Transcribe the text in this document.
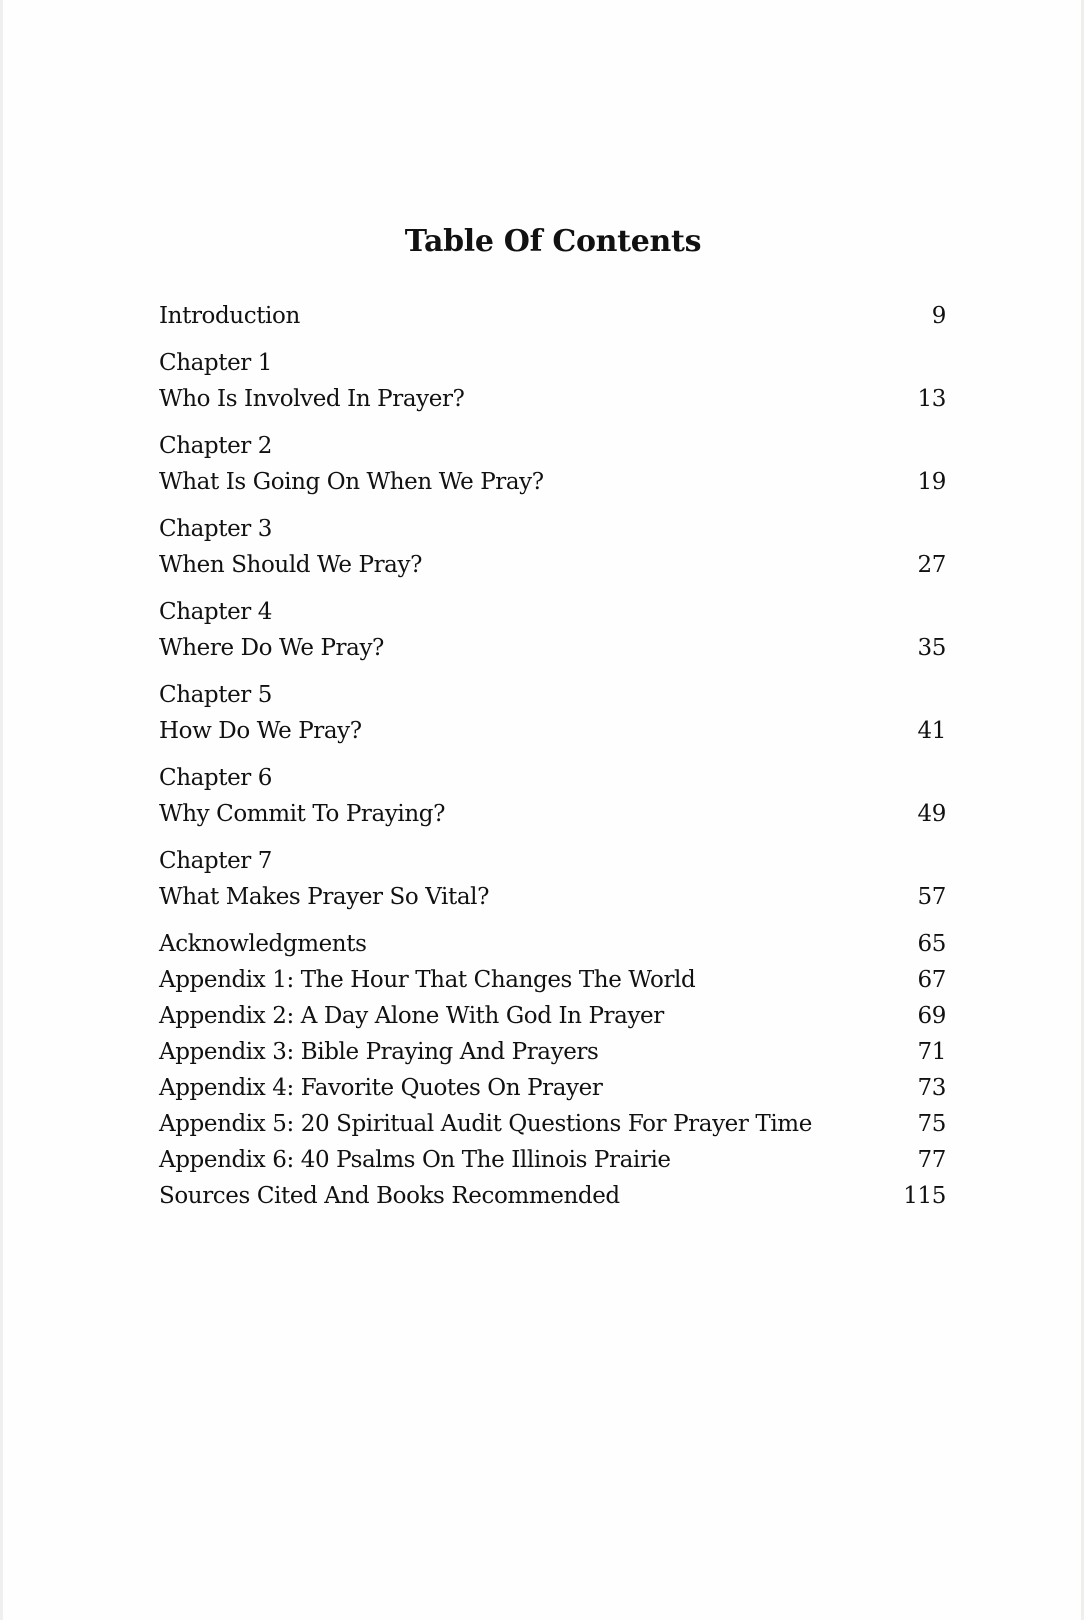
Table Of Contents
Introduction	9
Chapter 1
Who Is Involved In Prayer?	13
Chapter 2
What Is Going On When We Pray?	19
Chapter 3
When Should We Pray?	27
Chapter 4
Where Do We Pray?	35
Chapter 5
How Do We Pray?	41
Chapter 6
Why Commit To Praying?	49
Chapter 7
What Makes Prayer So Vital?	57
Acknowledgments	65
Appendix 1: The Hour That Changes The World	67
Appendix 2: A Day Alone With God In Prayer	69
Appendix 3: Bible Praying And Prayers	71
Appendix 4: Favorite Quotes On Prayer	73
Appendix 5: 20 Spiritual Audit Questions For Prayer Time	75
Appendix 6: 40 Psalms On The Illinois Prairie	77
Sources Cited And Books Recommended	115
